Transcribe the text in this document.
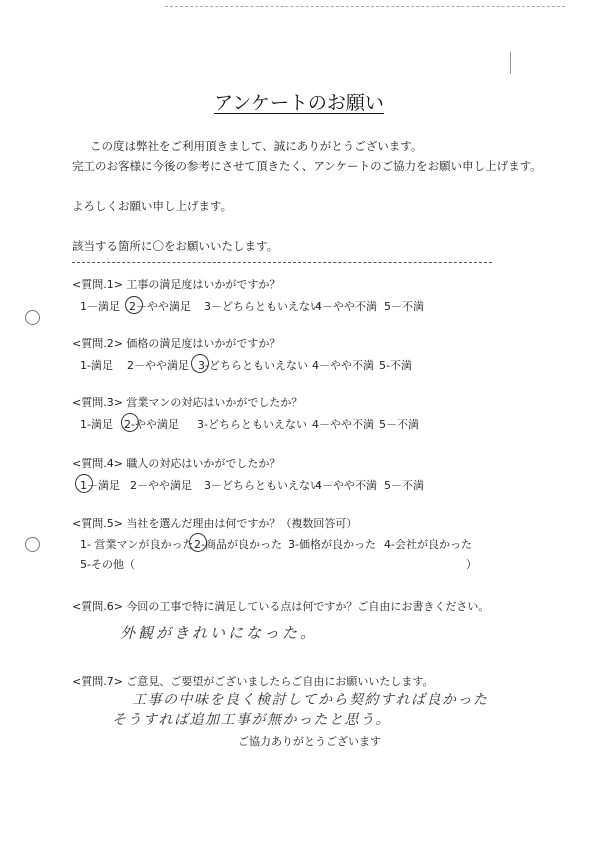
アンケートのお願い
この度は弊社をご利用頂きまして、誠にありがとうございます。
完工のお客様に今後の参考にさせて頂きたく、アンケートのご協力をお願い申し上げます。
よろしくお願い申し上げます。
該当する箇所に〇をお願いいたします。
<質問.1> 工事の満足度はいかがですか？
1－満足 2－やや満足 3－どちらともいえない
4－やや不満 5－不満
<質問.2> 価格の満足度はいかがですか？
1-満足 2－やや満足 3-どちらともいえない 4－やや不満 5-不満
<質問.3> 営業マンの対応はいかがでしたか？
1-満足 2-やや満足 3-どちらともいえない 4－やや不満 5－不満
<質問.4> 職人の対応はいかがでしたか？
1－満足 2－やや満足 3－どちらともいえない
4－やや不満 5－不満
<質問.5> 当社を選んだ理由は何ですか？（複数回答可）
1- 営業マンが良かった 2-商品が良かった 3-価格が良かった 4-会社が良かった
5-その他（	）
<質問.6> 今回の工事で特に満足している点は何ですか？ご自由にお書きください。
外観がきれいになった。
<質問.7> ご意見、ご要望がございましたらご自由にお願いいたします。
工事の中味を良く検討してから契約すれば良かった
そうすれば追加工事が無かったと思う。
ご協力ありがとうございます
